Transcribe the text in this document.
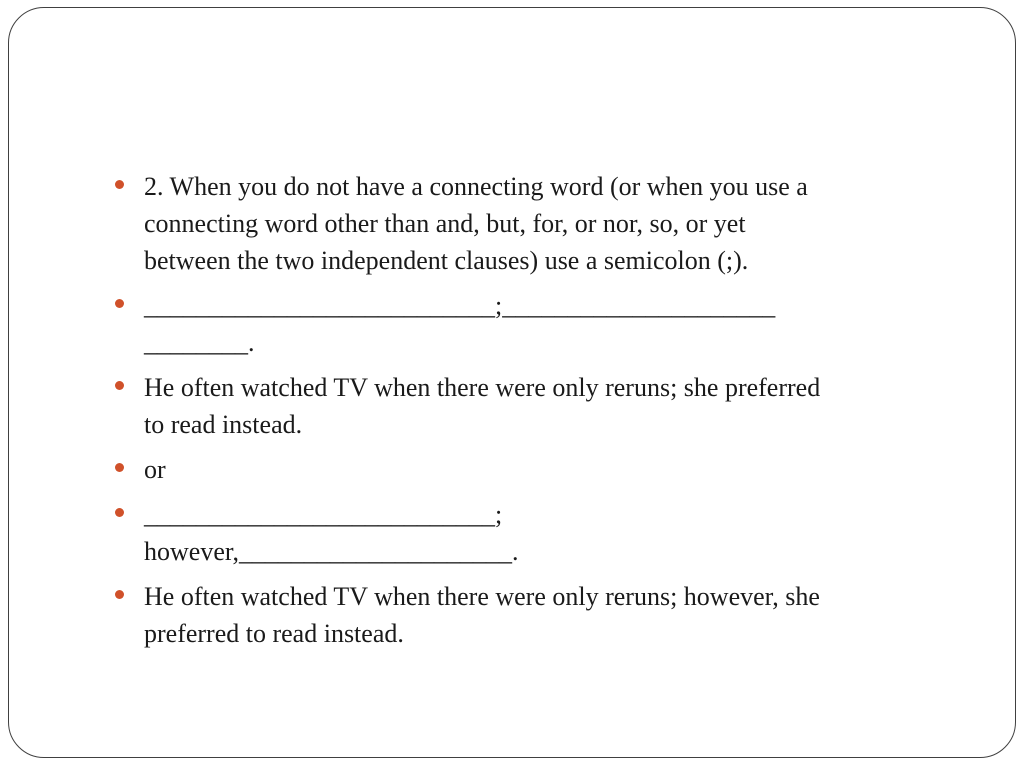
2. When you do not have a connecting word (or when you use a
connecting word other than and, but, for, or nor, so, or yet
between the two independent clauses) use a semicolon (;).
___________________________;_____________________
________.
He often watched TV when there were only reruns; she preferred
to read instead.
or
___________________________;
however,_____________________.
He often watched TV when there were only reruns; however, she
preferred to read instead.
